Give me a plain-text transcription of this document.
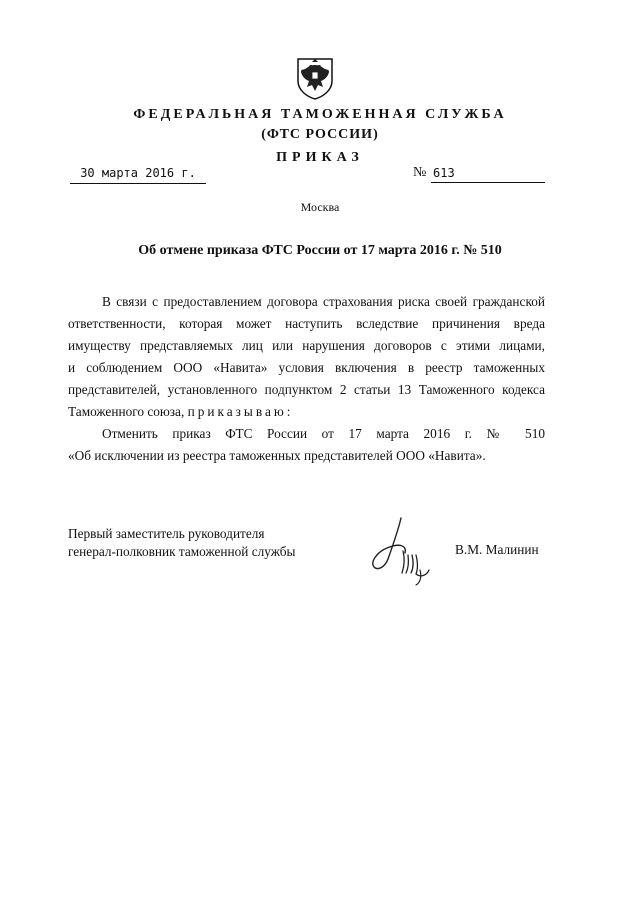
ФЕДЕРАЛЬНАЯ ТАМОЖЕННАЯ СЛУЖБА
(ФТС РОССИИ)
ПРИКАЗ
30 марта 2016 г.	№ 613
Москва
Об отмене приказа ФТС России от 17 марта 2016 г. № 510
В связи с предоставлением договора страхования риска своей гражданской
ответственности, которая может наступить вследствие причинения вреда
имуществу представляемых лиц или нарушения договоров с этими лицами,
и соблюдением ООО «Навита» условия включения в реестр таможенных
представителей, установленного подпунктом 2 статьи 13 Таможенного кодекса
Таможенного союза, приказываю:
Отменить приказ ФТС России от 17 марта 2016 г. № 510
«Об исключении из реестра таможенных представителей ООО «Навита».
Первый заместитель руководителя
генерал-полковник таможенной службы	В.М. Малинин
